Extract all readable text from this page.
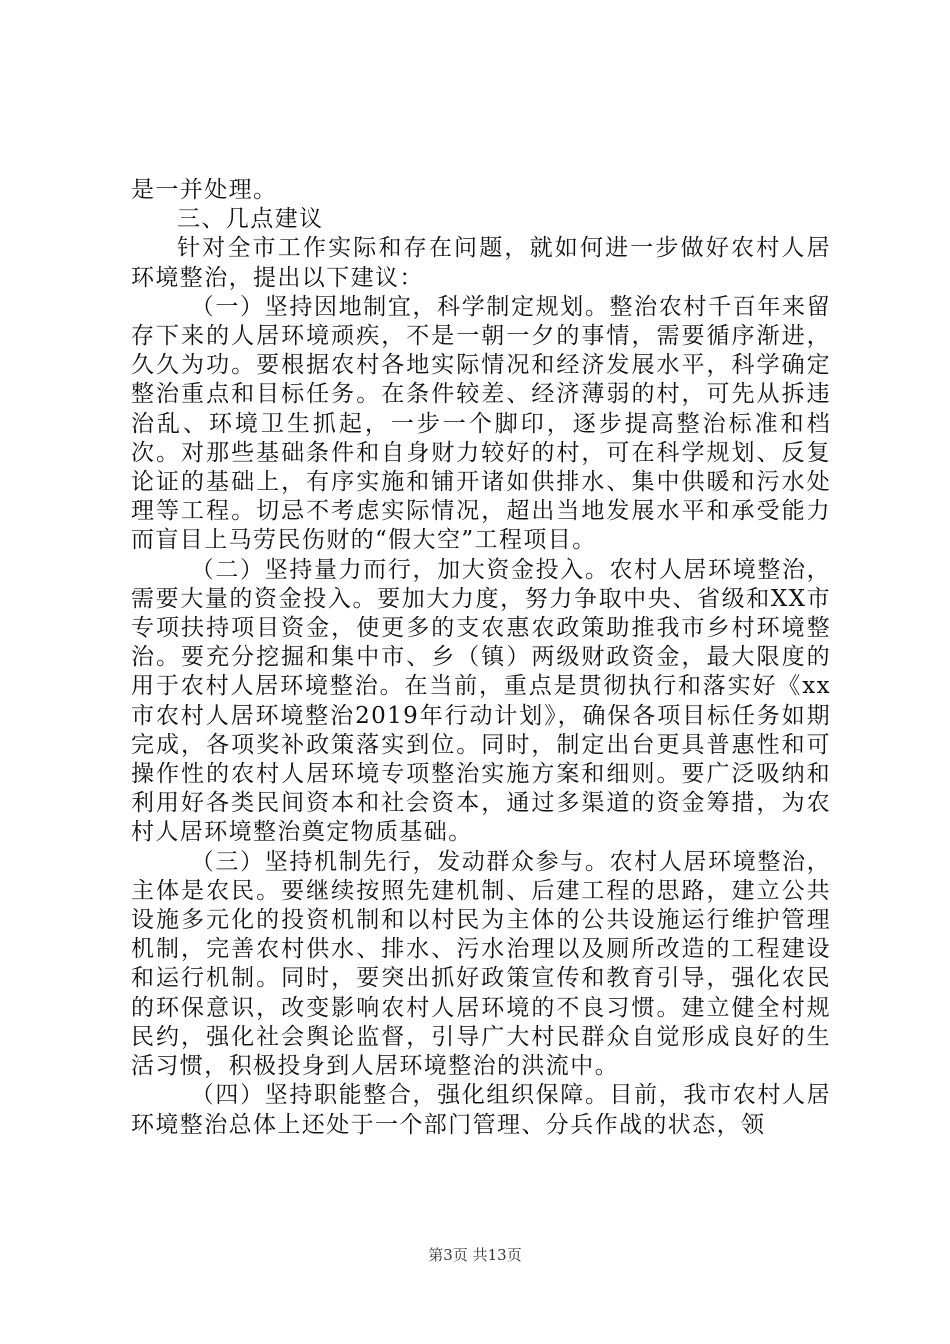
是一并处理。

三、几点建议

针对全市工作实际和存在问题，就如何进一步做好农村人居环境整治，提出以下建议：

（一）坚持因地制宜，科学制定规划。整治农村千百年来留存下来的人居环境顽疾，不是一朝一夕的事情，需要循序渐进，久久为功。要根据农村各地实际情况和经济发展水平，科学确定整治重点和目标任务。在条件较差、经济薄弱的村，可先从拆违治乱、环境卫生抓起，一步一个脚印，逐步提高整治标准和档次。对那些基础条件和自身财力较好的村，可在科学规划、反复论证的基础上，有序实施和铺开诸如供排水、集中供暖和污水处理等工程。切忌不考虑实际情况，超出当地发展水平和承受能力而盲目上马劳民伤财的“假大空”工程项目。

（二）坚持量力而行，加大资金投入。农村人居环境整治，需要大量的资金投入。要加大力度，努力争取中央、省级和XX市专项扶持项目资金，使更多的支农惠农政策助推我市乡村环境整治。要充分挖掘和集中市、乡（镇）两级财政资金，最大限度的用于农村人居环境整治。在当前，重点是贯彻执行和落实好《xx市农村人居环境整治2019年行动计划》，确保各项目标任务如期完成，各项奖补政策落实到位。同时，制定出台更具普惠性和可操作性的农村人居环境专项整治实施方案和细则。要广泛吸纳和利用好各类民间资本和社会资本，通过多渠道的资金筹措，为农村人居环境整治奠定物质基础。

（三）坚持机制先行，发动群众参与。农村人居环境整治，主体是农民。要继续按照先建机制、后建工程的思路，建立公共设施多元化的投资机制和以村民为主体的公共设施运行维护管理机制，完善农村供水、排水、污水治理以及厕所改造的工程建设和运行机制。同时，要突出抓好政策宣传和教育引导，强化农民的环保意识，改变影响农村人居环境的不良习惯。建立健全村规民约，强化社会舆论监督，引导广大村民群众自觉形成良好的生活习惯，积极投身到人居环境整治的洪流中。

（四）坚持职能整合，强化组织保障。目前，我市农村人居环境整治总体上还处于一个部门管理、分兵作战的状态，领

第3页 共13页
